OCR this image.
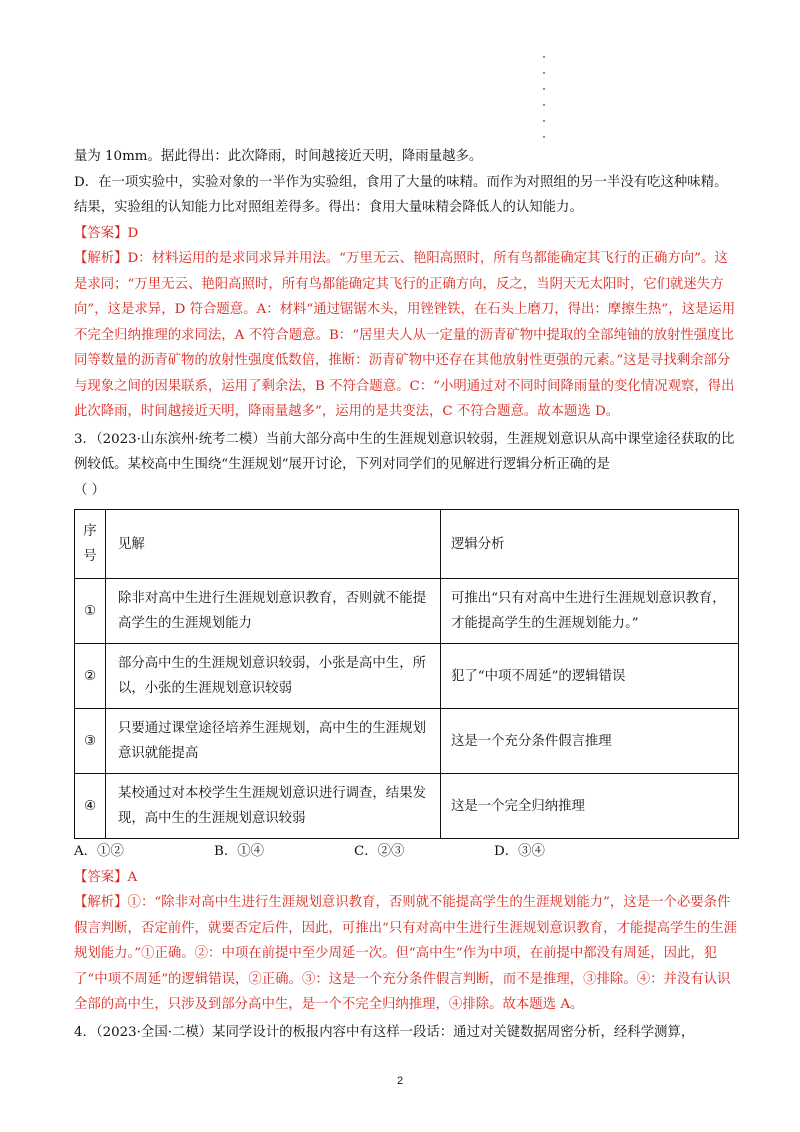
量为 10mm。据此得出：此次降雨，时间越接近天明，降雨量越多。

D．在一项实验中，实验对象的一半作为实验组，食用了大量的味精。而作为对照组的另一半没有吃这种味精。结果，实验组的认知能力比对照组差得多。得出：食用大量味精会降低人的认知能力。

【答案】D

【解析】D：材料运用的是求同求异并用法。“万里无云、艳阳高照时，所有鸟都能确定其飞行的正确方向”。这是求同；“万里无云、艳阳高照时，所有鸟都能确定其飞行的正确方向，反之，当阴天无太阳时，它们就迷失方向”，这是求异，D 符合题意。A：材料“通过锯锯木头，用锉锉铁，在石头上磨刀，得出：摩擦生热”，这是运用不完全归纳推理的求同法，A 不符合题意。B：“居里夫人从一定量的沥青矿物中提取的全部纯铀的放射性强度比同等数量的沥青矿物的放射性强度低数倍，推断：沥青矿物中还存在其他放射性更强的元素。”这是寻找剩余部分与现象之间的因果联系，运用了剩余法，B 不符合题意。C：“小明通过对不同时间降雨量的变化情况观察，得出此次降雨，时间越接近天明，降雨量越多”，运用的是共变法，C 不符合题意。故本题选 D。

3．（2023·山东滨州·统考二模）当前大部分高中生的生涯规划意识较弱，生涯规划意识从高中课堂途径获取的比例较低。某校高中生围绕“生涯规划”展开讨论，下列对同学们的见解进行逻辑分析正确的是

（ ）

序号	见解	逻辑分析
①	除非对高中生进行生涯规划意识教育，否则就不能提高学生的生涯规划能力	可推出“只有对高中生进行生涯规划意识教育，才能提高学生的生涯规划能力。”
②	部分高中生的生涯规划意识较弱，小张是高中生，所以，小张的生涯规划意识较弱	犯了“中项不周延”的逻辑错误
③	只要通过课堂途径培养生涯规划，高中生的生涯规划意识就能提高	这是一个充分条件假言推理
④	某校通过对本校学生生涯规划意识进行调查，结果发现，高中生的生涯规划意识较弱	这是一个完全归纳推理
A．①②	B．①④	C．②③	D．③④

【答案】A

【解析】①：“除非对高中生进行生涯规划意识教育，否则就不能提高学生的生涯规划能力”，这是一个必要条件假言判断，否定前件，就要否定后件，因此，可推出“只有对高中生进行生涯规划意识教育，才能提高学生的生涯规划能力。”①正确。②：中项在前提中至少周延一次。但“高中生”作为中项，在前提中都没有周延，因此，犯了“中项不周延”的逻辑错误，②正确。③：这是一个充分条件假言判断，而不是推理，③排除。④：并没有认识全部的高中生，只涉及到部分高中生，是一个不完全归纳推理，④排除。故本题选 A。

4．（2023·全国·二模）某同学设计的板报内容中有这样一段话：通过对关键数据周密分析，经科学测算，

2
